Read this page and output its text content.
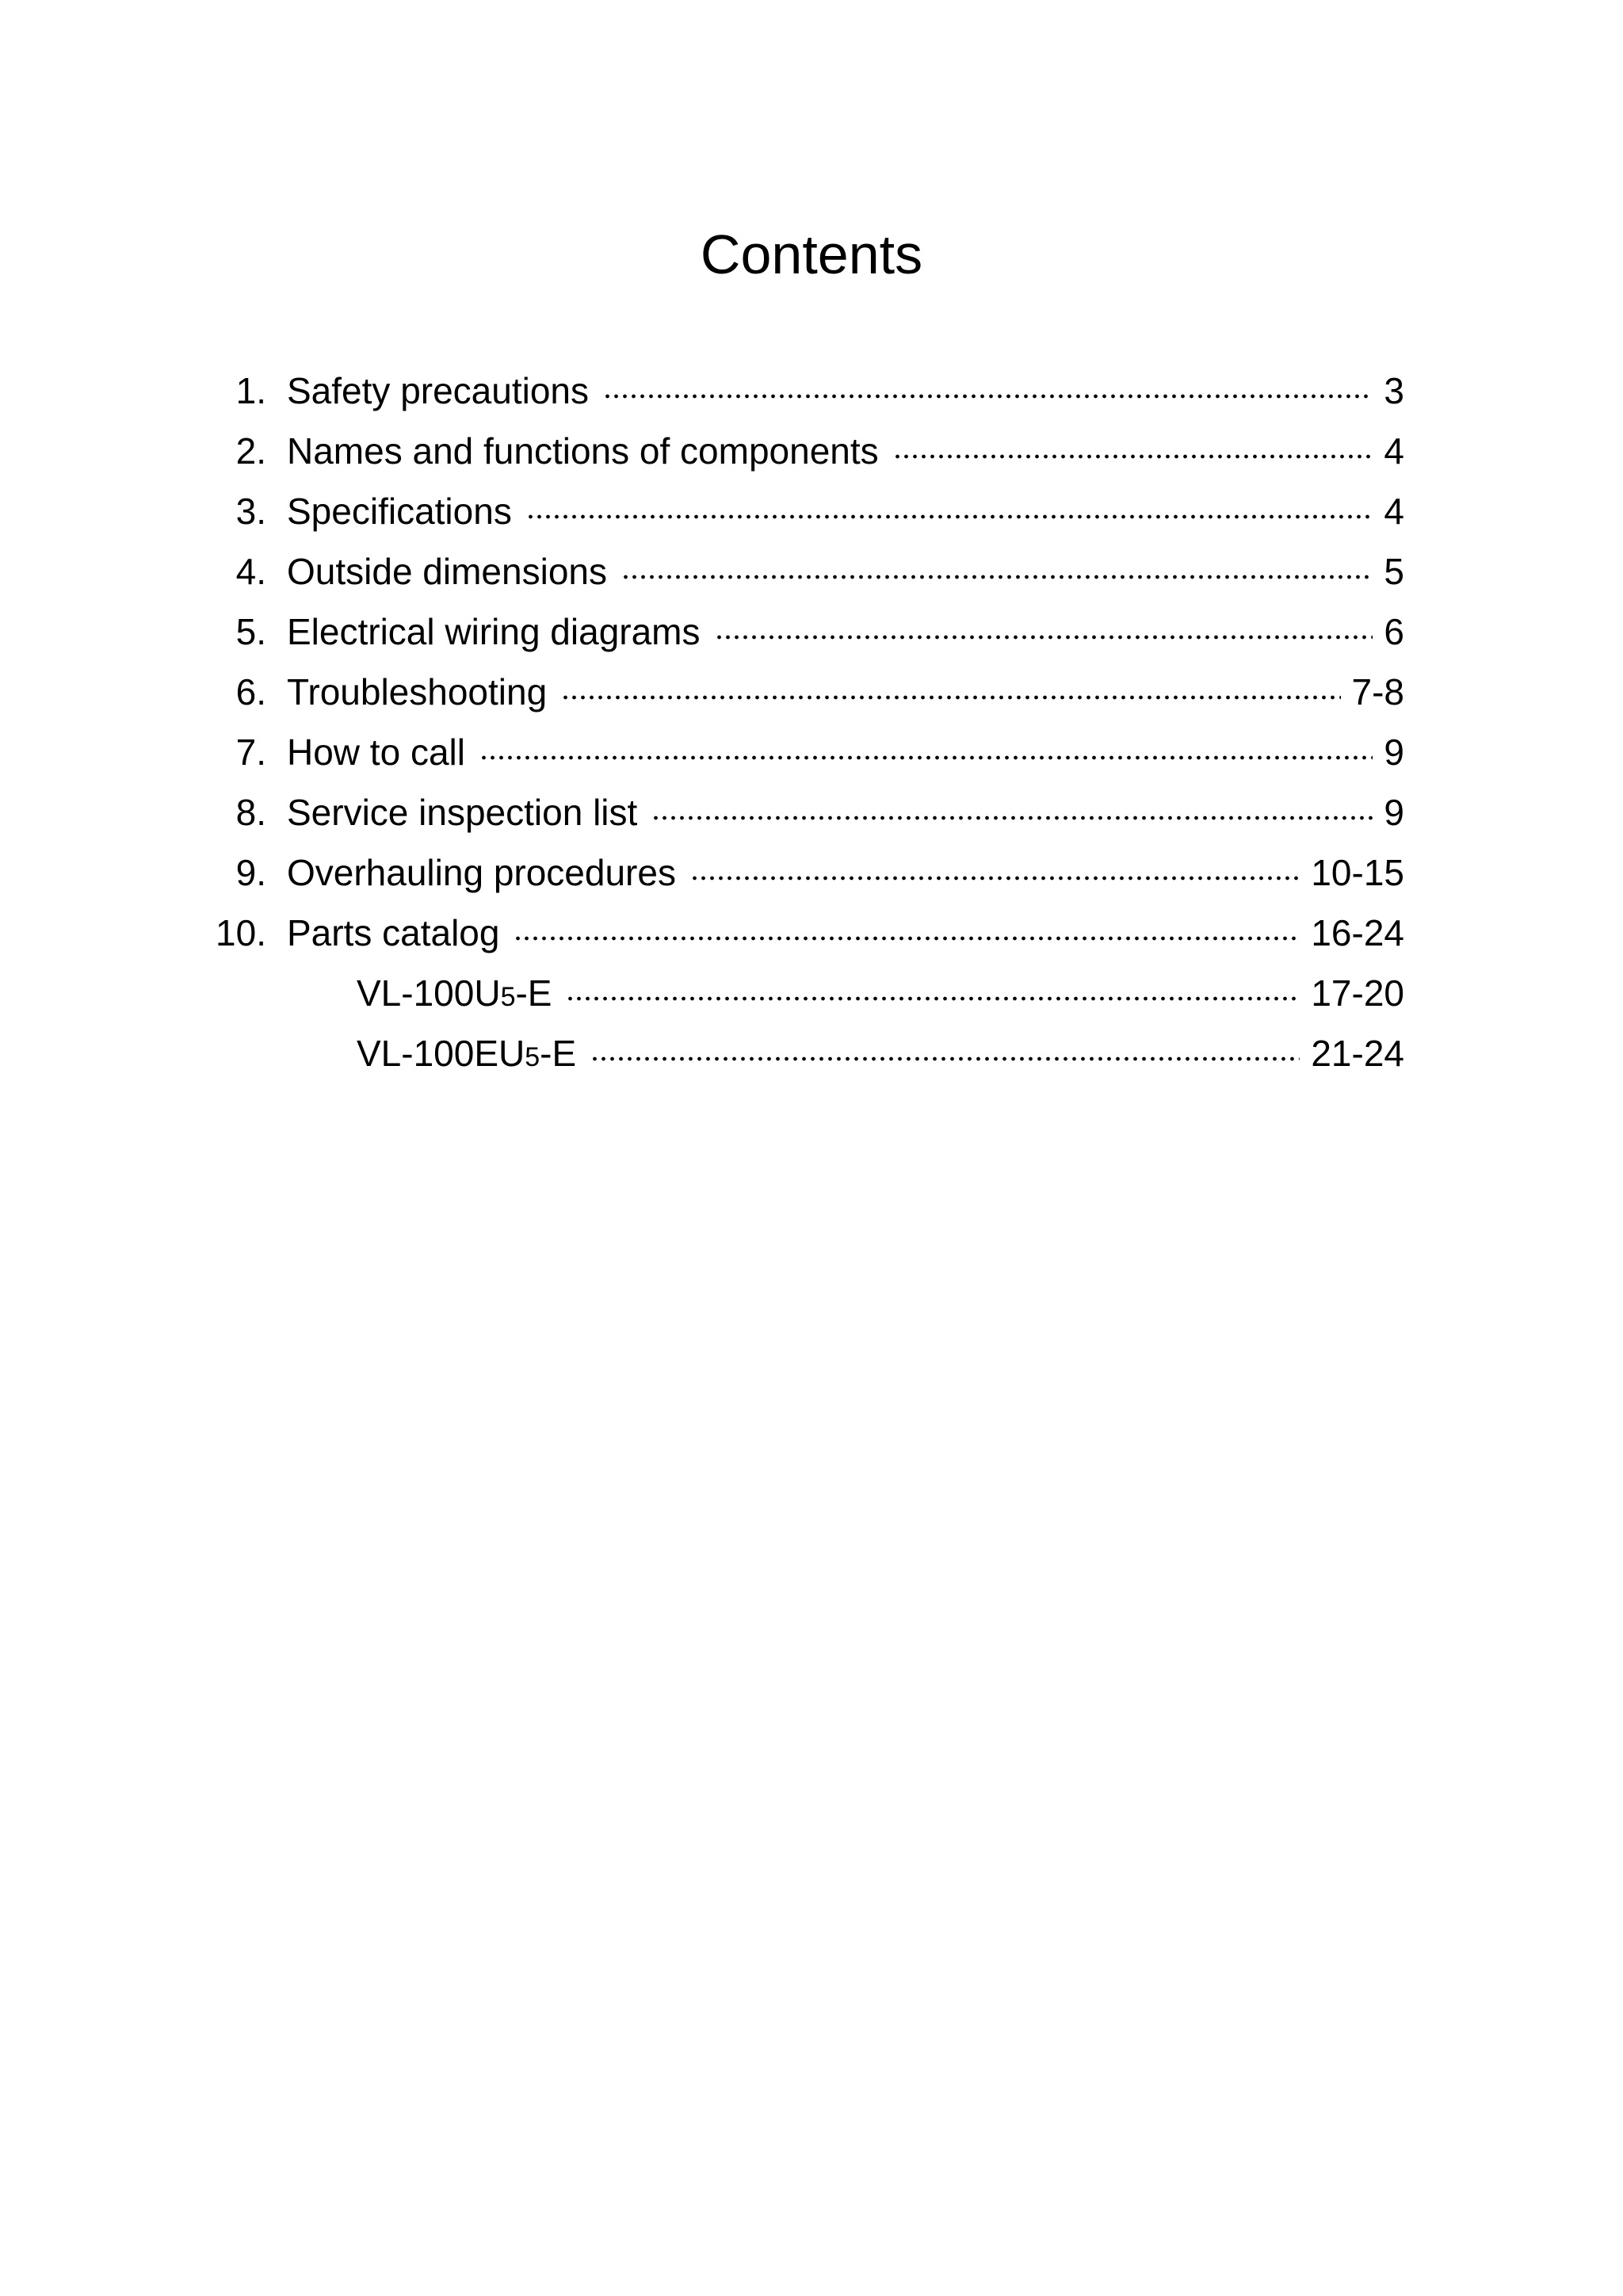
Contents
1. Safety precautions	3
2. Names and functions of components	4
3. Specifications	4
4. Outside dimensions	5
5. Electrical wiring diagrams	6
6. Troubleshooting	7-8
7. How to call	9
8. Service inspection list	9
9. Overhauling procedures	10-15
10. Parts catalog	16-24
VL-100U5-E	17-20
VL-100EU5-E	21-24
